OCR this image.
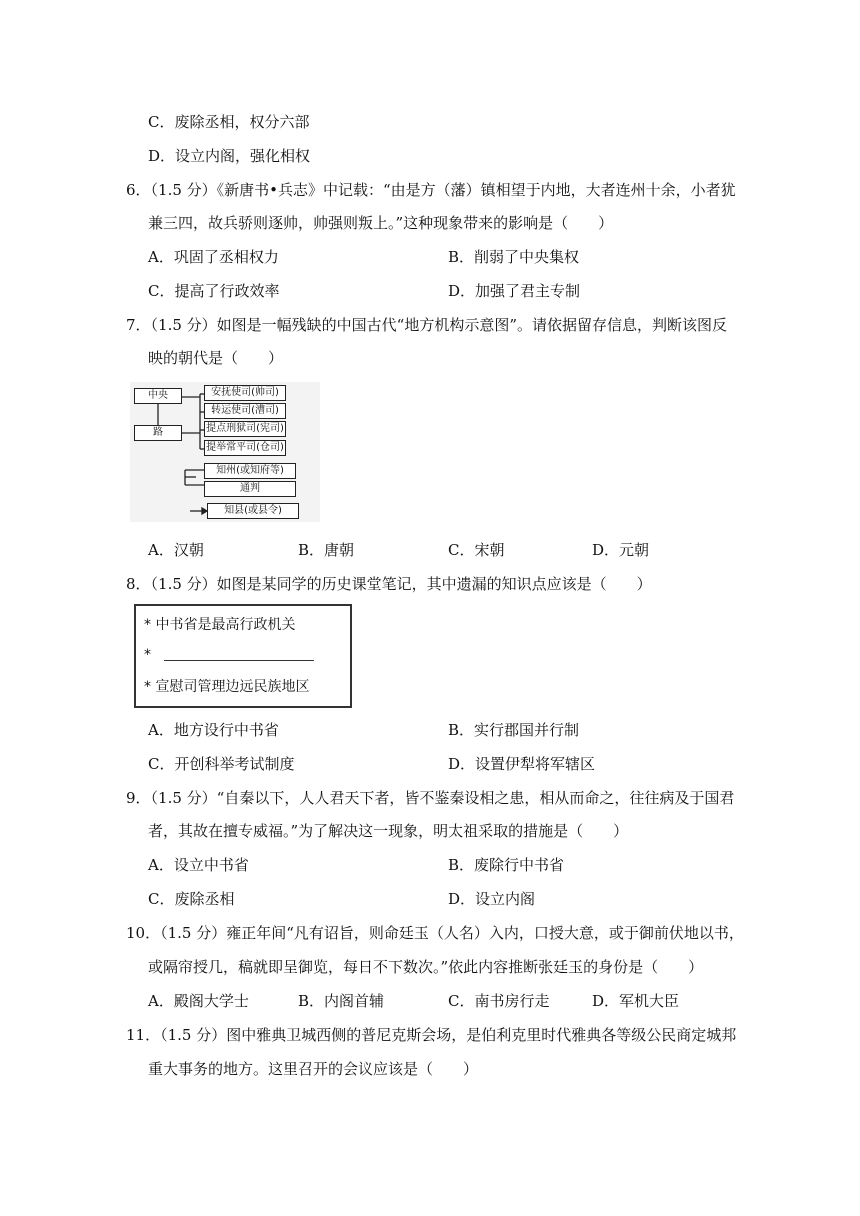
C．废除丞相，权分六部
D．设立内阁，强化相权
6．（1.5 分）《新唐书•兵志》中记载：“由是方（藩）镇相望于内地，大者连州十余，小者犹
兼三四，故兵骄则逐帅，帅强则叛上。”这种现象带来的影响是（　　）
A．巩固了丞相权力	B．削弱了中央集权
C．提高了行政效率	D．加强了君主专制
7．（1.5 分）如图是一幅残缺的中国古代“地方机构示意图”。请依据留存信息，判断该图反
映的朝代是（　　）
中央
路
安抚使司(帅司)
转运使司(漕司)
提点刑狱司(宪司)
提举常平司(仓司)
知州(或知府等)
通判
知县(或县令)
A．汉朝	B．唐朝	C．宋朝	D．元朝
8．（1.5 分）如图是某同学的历史课堂笔记，其中遗漏的知识点应该是（　　）
* 中书省是最高行政机关
*
* 宣慰司管理边远民族地区
A．地方设行中书省	B．实行郡国并行制
C．开创科举考试制度	D．设置伊犁将军辖区
9．（1.5 分）“自秦以下，人人君天下者，皆不鉴秦设相之患，相从而命之，往往病及于国君
者，其故在擅专威福。”为了解决这一现象，明太祖采取的措施是（　　）
A．设立中书省	B．废除行中书省
C．废除丞相	D．设立内阁
10．（1.5 分）雍正年间“凡有诏旨，则命廷玉（人名）入内，口授大意，或于御前伏地以书，
或隔帘授几，稿就即呈御览，每日不下数次。”依此内容推断张廷玉的身份是（　　）
A．殿阁大学士	B．内阁首辅	C．南书房行走	D．军机大臣
11．（1.5 分）图中雅典卫城西侧的普尼克斯会场，是伯利克里时代雅典各等级公民商定城邦
重大事务的地方。这里召开的会议应该是（　　）
